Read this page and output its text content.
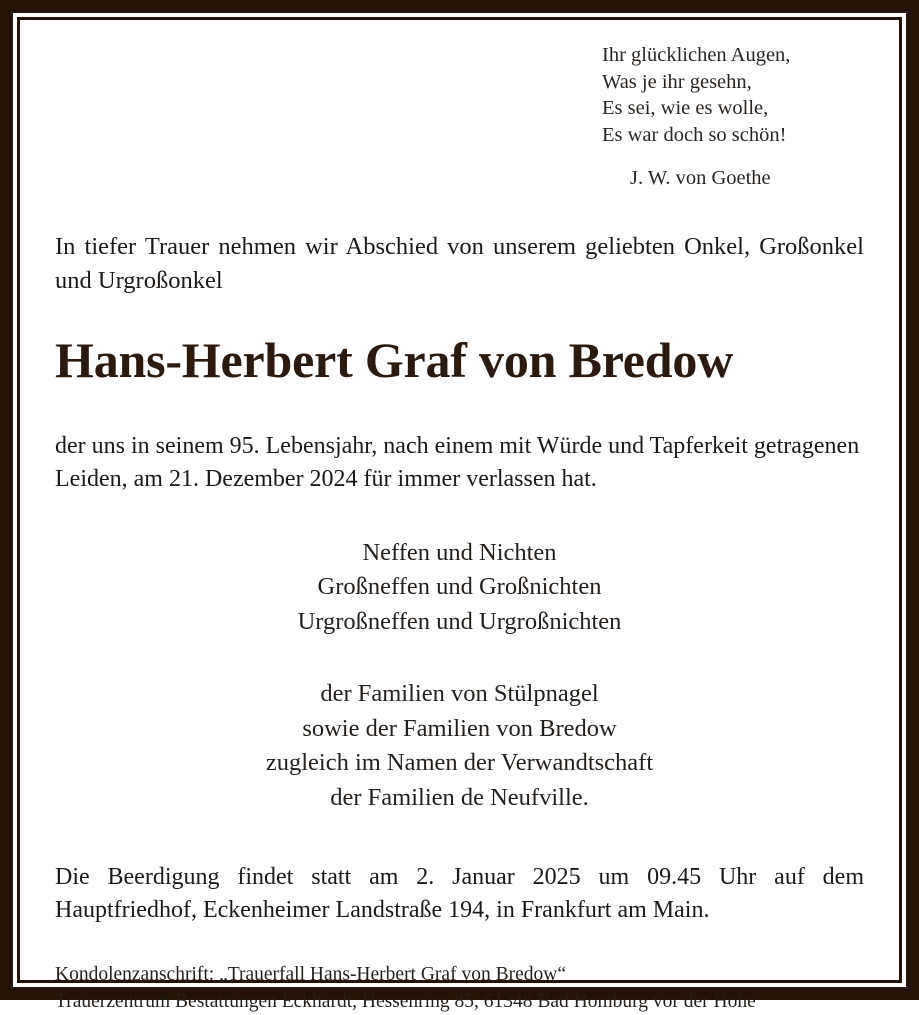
Ihr glücklichen Augen,
Was je ihr gesehn,
Es sei, wie es wolle,
Es war doch so schön!
J. W. von Goethe
In tiefer Trauer nehmen wir Abschied von unserem geliebten Onkel, Großonkel und Urgroßonkel
Hans-Herbert Graf von Bredow
der uns in seinem 95. Lebensjahr, nach einem mit Würde und Tapferkeit getragenen Leiden, am 21. Dezember 2024 für immer verlassen hat.
Neffen und Nichten
Großneffen und Großnichten
Urgroßneffen und Urgroßnichten
der Familien von Stülpnagel
sowie der Familien von Bredow
zugleich im Namen der Verwandtschaft
der Familien de Neufville.
Die Beerdigung findet statt am 2. Januar 2025 um 09.45 Uhr auf dem Hauptfriedhof, Eckenheimer Landstraße 194, in Frankfurt am Main.
Kondolenzanschrift: „Trauerfall Hans-Herbert Graf von Bredow“
Trauerzentrum Bestattungen Eckhardt, Hessenring 85, 61348 Bad Homburg vor der Höhe
